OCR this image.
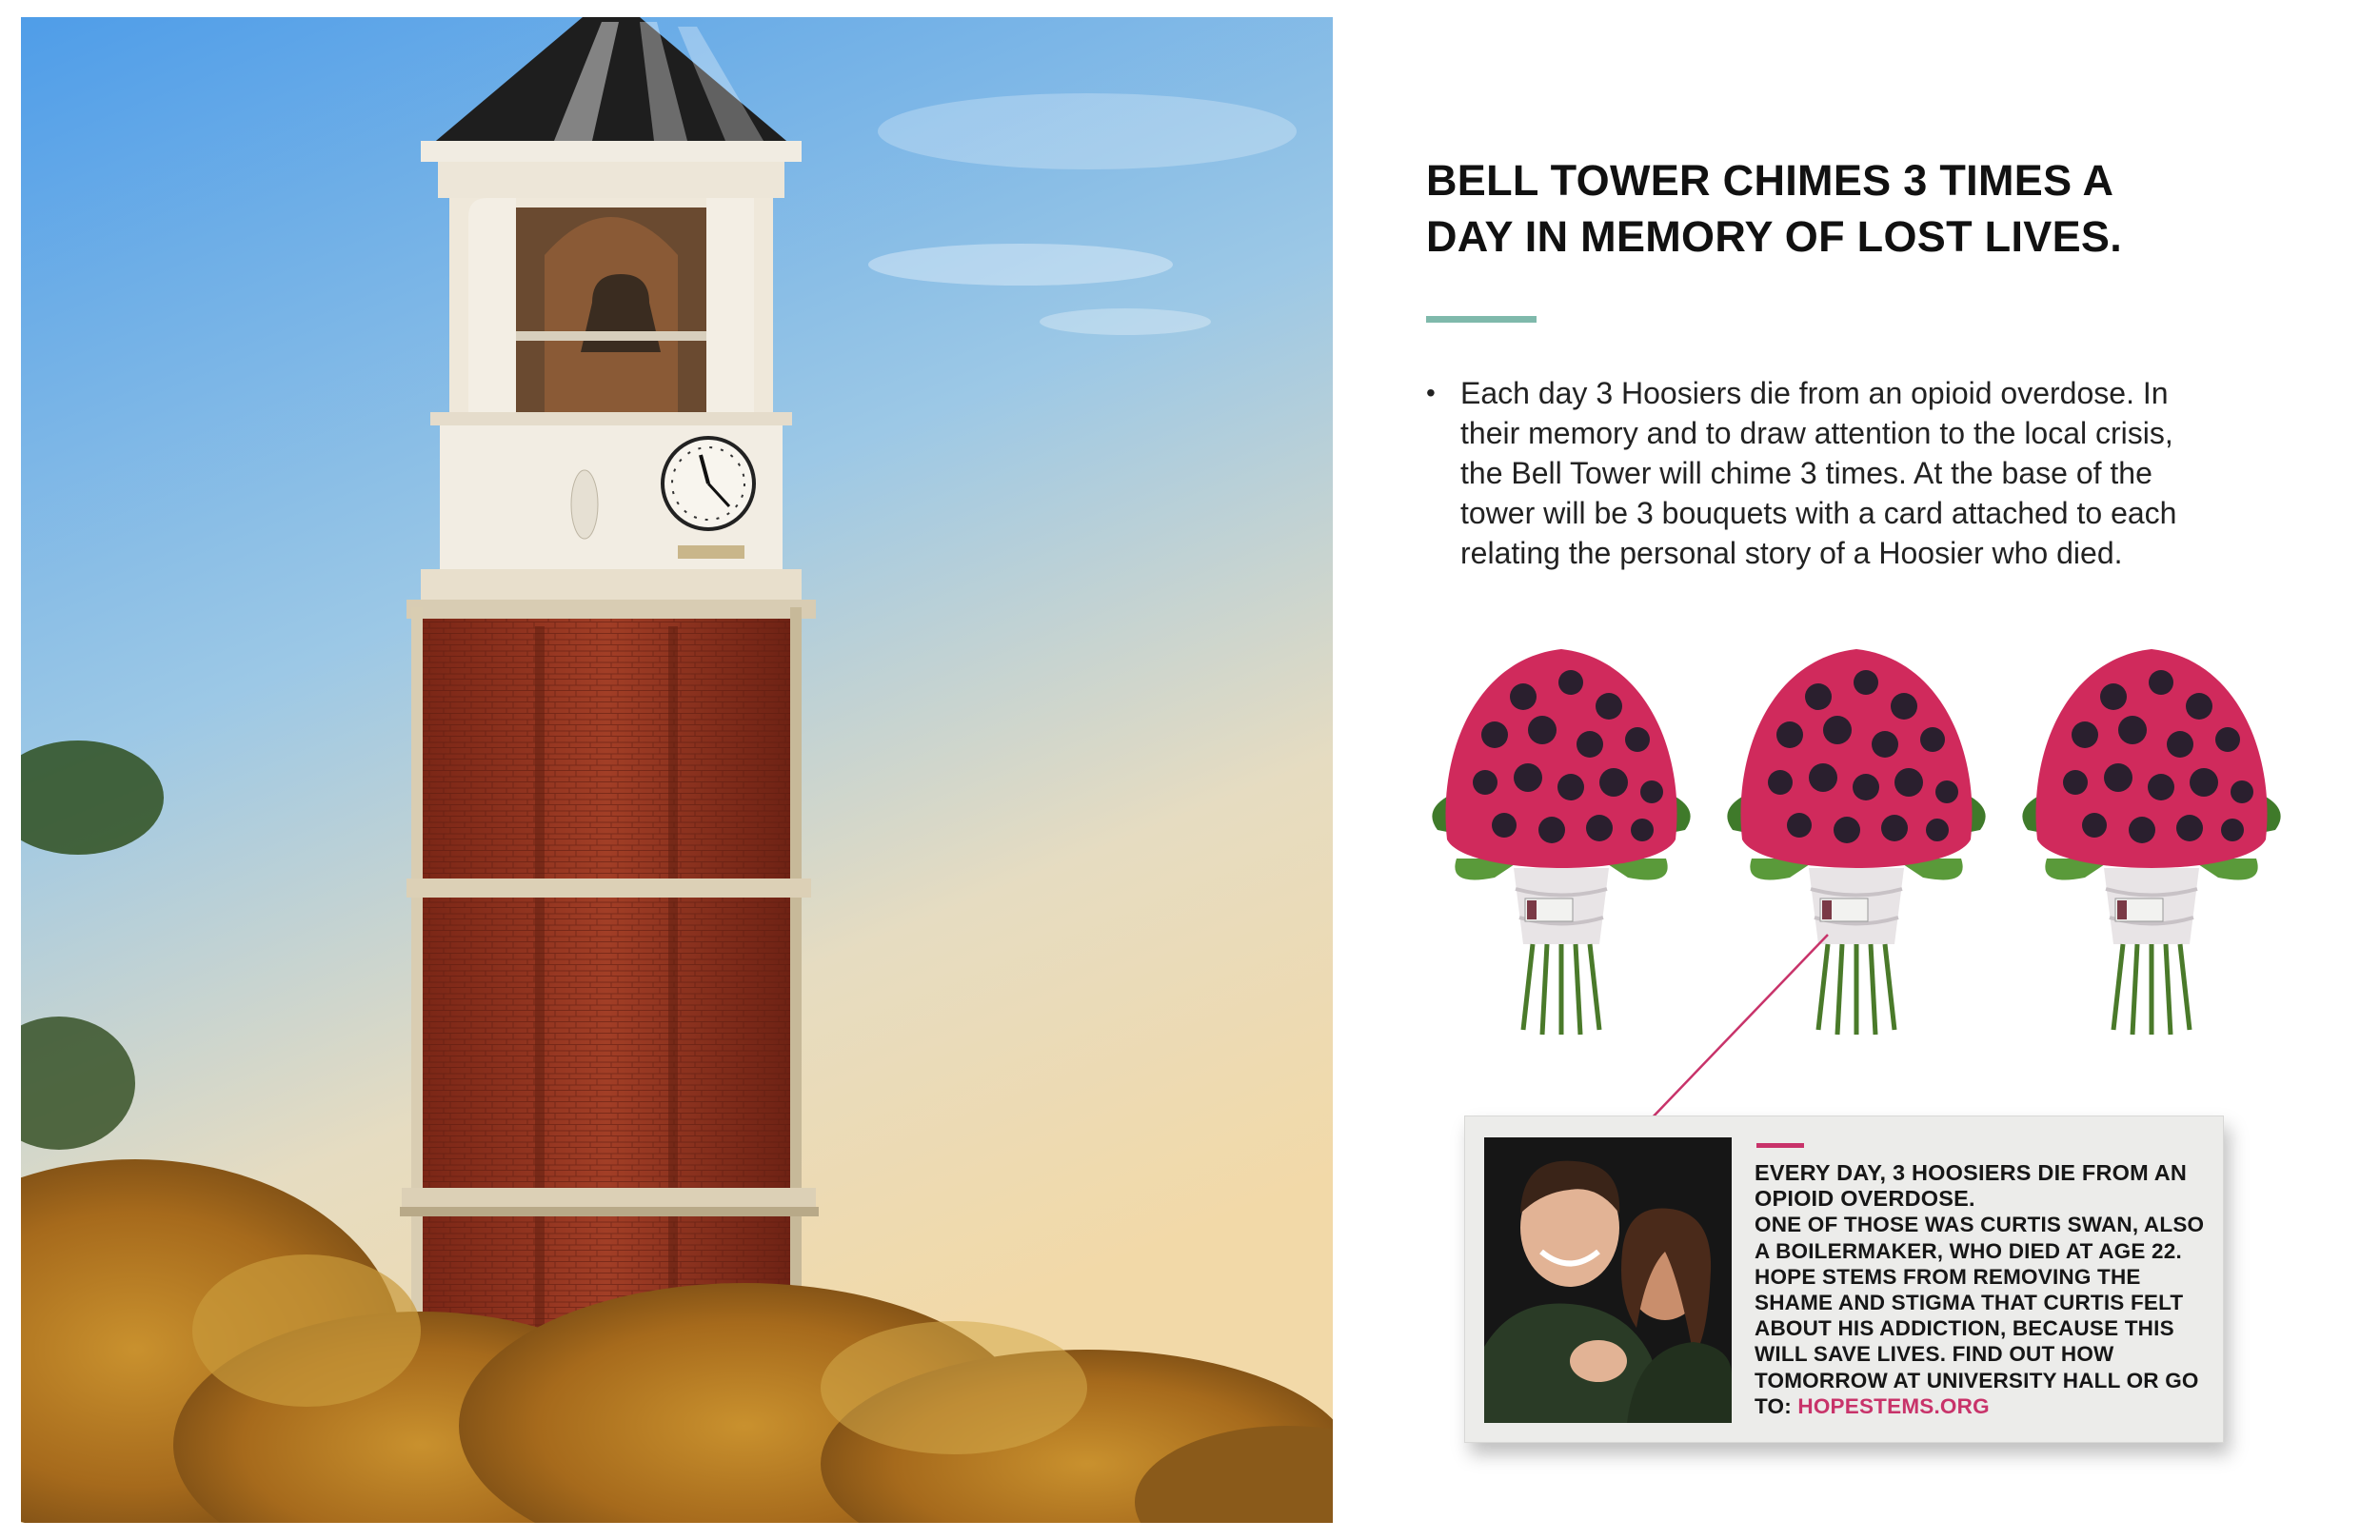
BELL TOWER CHIMES 3 TIMES A DAY IN MEMORY OF LOST LIVES.
• Each day 3 Hoosiers die from an opioid overdose. In their memory and to draw attention to the local crisis, the Bell Tower will chime 3 times. At the base of the tower will be 3 bouquets with a card attached to each relating the personal story of a Hoosier who died.
EVERY DAY, 3 HOOSIERS DIE FROM AN OPIOID OVERDOSE.
ONE OF THOSE WAS CURTIS SWAN, ALSO A BOILERMAKER, WHO DIED AT AGE 22. HOPE STEMS FROM REMOVING THE SHAME AND STIGMA THAT CURTIS FELT ABOUT HIS ADDICTION, BECAUSE THIS WILL SAVE LIVES. FIND OUT HOW TOMORROW AT UNIVERSITY HALL OR GO TO: HOPESTEMS.ORG
